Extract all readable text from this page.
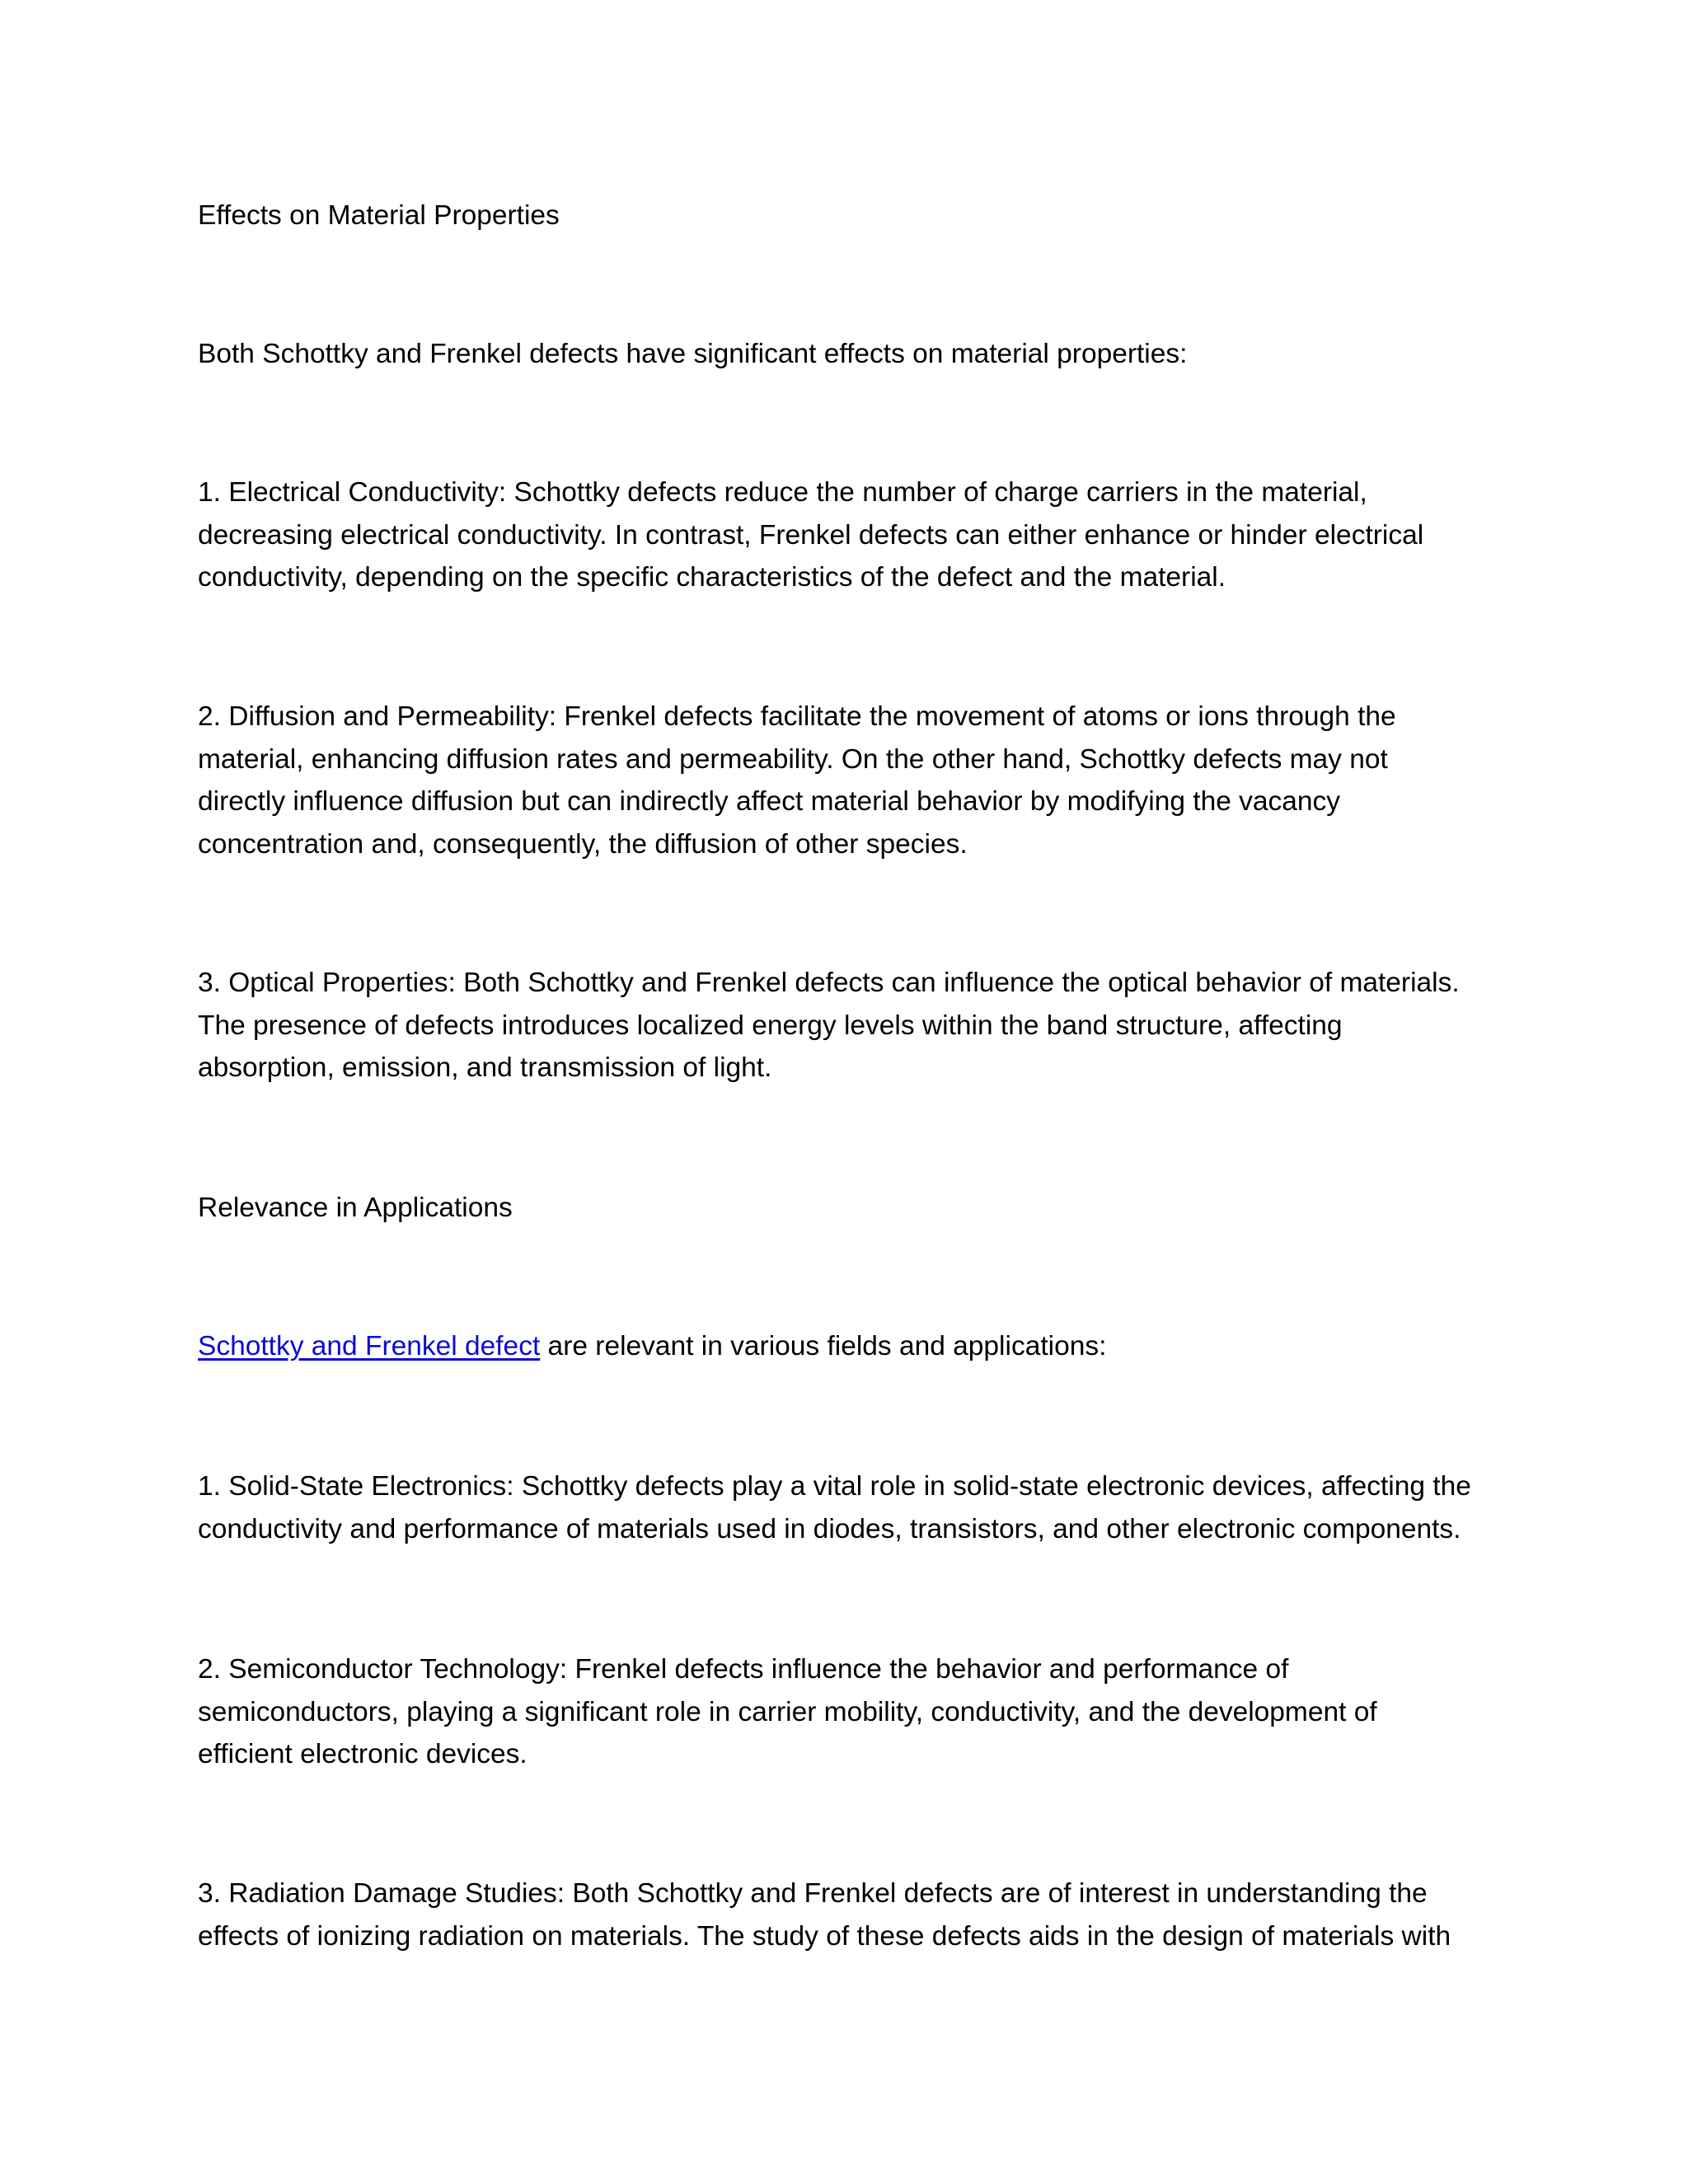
Effects on Material Properties

Both Schottky and Frenkel defects have significant effects on material properties:

1. Electrical Conductivity: Schottky defects reduce the number of charge carriers in the material,
decreasing electrical conductivity. In contrast, Frenkel defects can either enhance or hinder electrical
conductivity, depending on the specific characteristics of the defect and the material.

2. Diffusion and Permeability: Frenkel defects facilitate the movement of atoms or ions through the
material, enhancing diffusion rates and permeability. On the other hand, Schottky defects may not
directly influence diffusion but can indirectly affect material behavior by modifying the vacancy
concentration and, consequently, the diffusion of other species.

3. Optical Properties: Both Schottky and Frenkel defects can influence the optical behavior of materials.
The presence of defects introduces localized energy levels within the band structure, affecting
absorption, emission, and transmission of light.

Relevance in Applications

Schottky and Frenkel defect are relevant in various fields and applications:

1. Solid-State Electronics: Schottky defects play a vital role in solid-state electronic devices, affecting the
conductivity and performance of materials used in diodes, transistors, and other electronic components.

2. Semiconductor Technology: Frenkel defects influence the behavior and performance of
semiconductors, playing a significant role in carrier mobility, conductivity, and the development of
efficient electronic devices.

3. Radiation Damage Studies: Both Schottky and Frenkel defects are of interest in understanding the
effects of ionizing radiation on materials. The study of these defects aids in the design of materials with
